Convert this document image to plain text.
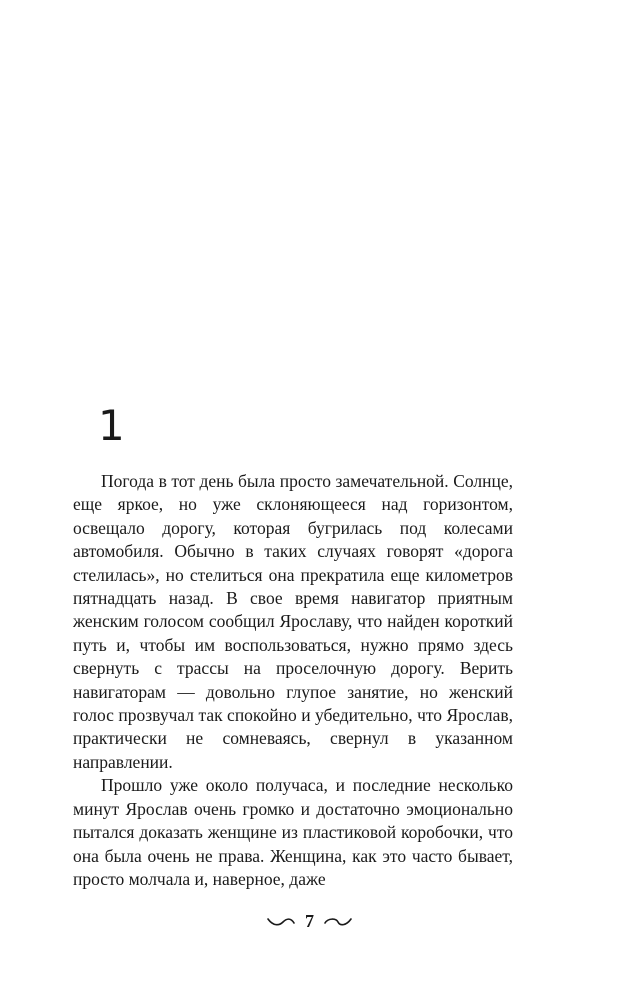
1

Погода в тот день была просто замечательной. Солнце, еще яркое, но уже склоняющееся над горизонтом, освещало дорогу, которая бугрилась под колесами автомобиля. Обычно в таких случаях говорят «дорога стелилась», но стелиться она прекратила еще километров пятнадцать назад. В свое время навигатор приятным женским голосом сообщил Ярославу, что найден короткий путь и, чтобы им воспользоваться, нужно прямо здесь свернуть с трассы на проселочную дорогу. Верить навигаторам — довольно глупое занятие, но женский голос прозвучал так спокойно и убедительно, что Ярослав, практически не сомневаясь, свернул в указанном направлении.

Прошло уже около получаса, и последние несколько минут Ярослав очень громко и достаточно эмоционально пытался доказать женщине из пластиковой коробочки, что она была очень не права. Женщина, как это часто бывает, просто молчала и, наверное, даже

7
